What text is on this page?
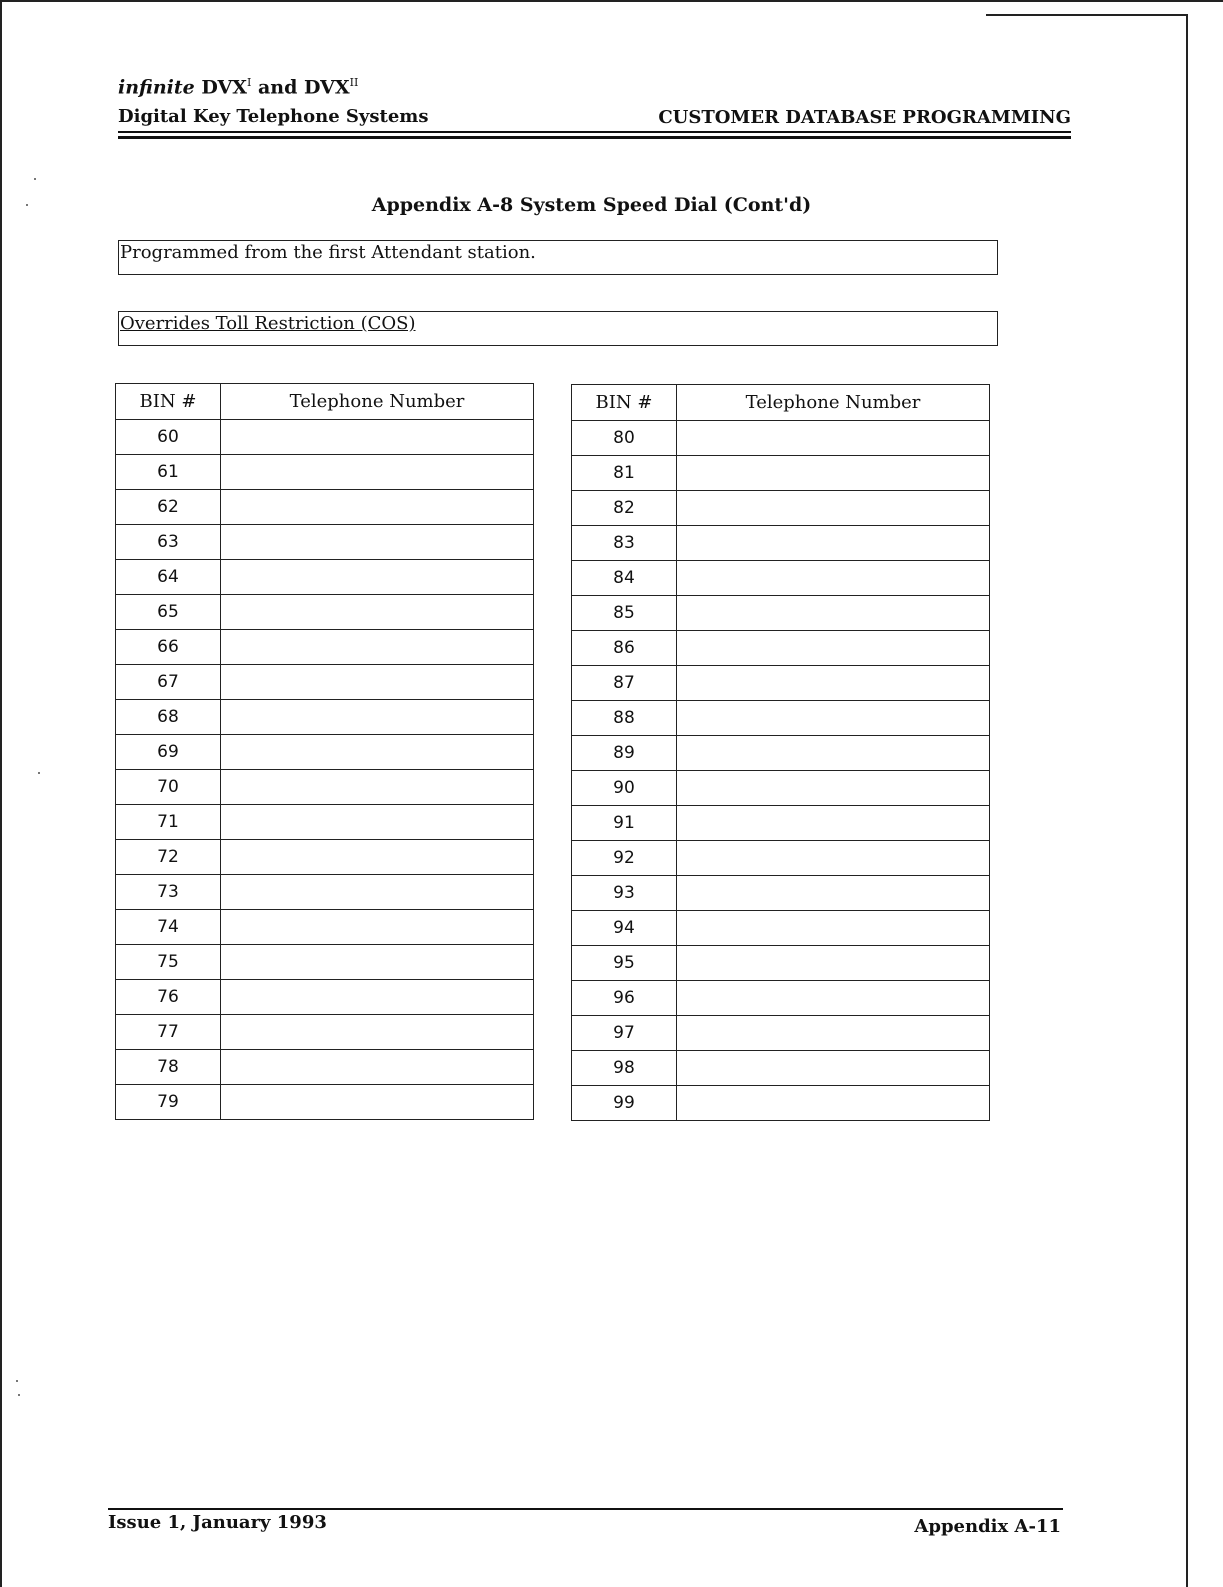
infinite $DVX^I$ and $DVX^{II}$
Digital Key Telephone Systems	CUSTOMER DATABASE PROGRAMMING
Appendix A-8 System Speed Dial (Cont'd)
Programmed from the first Attendant station.
Overrides Toll Restriction (COS)
BIN #	Telephone Number
60	
61	
62	
63	
64	
65	
66	
67	
68	
69	
70	
71	
72	
73	
74	
75	
76	
77	
78	
79	
BIN #	Telephone Number
80	
81	
82	
83	
84	
85	
86	
87	
88	
89	
90	
91	
92	
93	
94	
95	
96	
97	
98	
99	
Issue 1, January 1993	Appendix A-11
